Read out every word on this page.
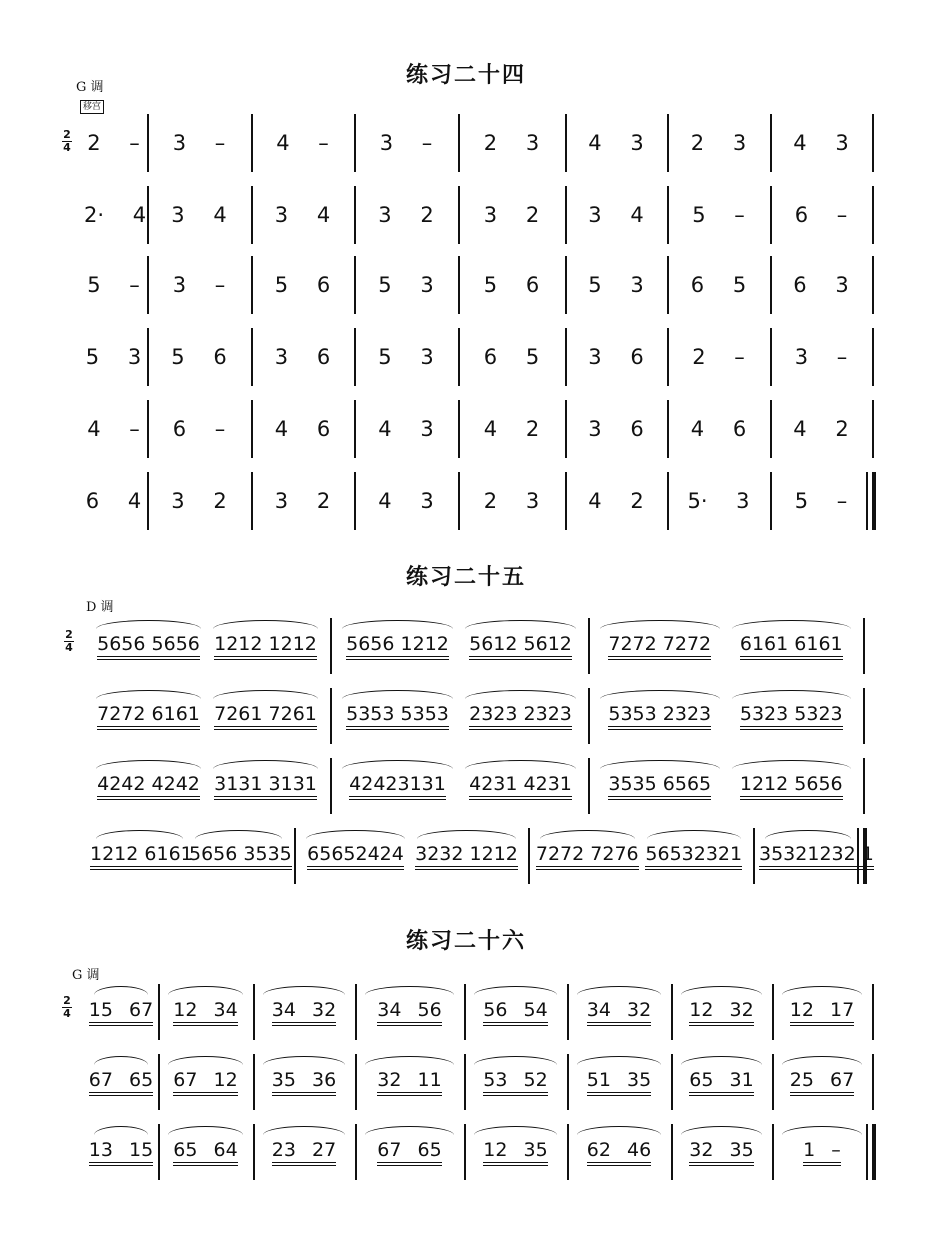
练习二十四
G 调
移宫
2
4 2 – 3 – 4 – 3 – 2 3 4 3 2 3 4 3
2· 4 3 4 3 4 3 2 3 2 3 4 5 – 6 –
5 – 3 – 5 6 5 3 5 6 5 3 6 5 6 3
5 3 5 6 3 6 5 3 6 5 3 6 2 – 3 –
4 – 6 – 4 6 4 3 4 2 3 6 4 6 4 2
6 4 3 2 3 2 4 3 2 3 4 2 5· 3 5 –
练习二十五
D 调
2
4 5656 5656 1212 1212 5656 1212 5612 5612 7272 7272 6161 6161
7272 6161 7261 7261 5353 5353 2323 2323 5353 2323 5323 5323
4242 4242 3131 3131 42423131 4231 4231 3535 6565 1212 5656
1212 6161
5656 3535 65652424 3232 1212 7272 7276 56532321 35321232 1
练习二十六
G 调
2
4 15 67 12 34 34 32 34 56 56 54 34 32 12 32 12 17
67 65 67 12 35 36 32 11 53 52 51 35 65 31 25 67
13 15 65 64 23 27 67 65 12 35 62 46 32 35	1 –
